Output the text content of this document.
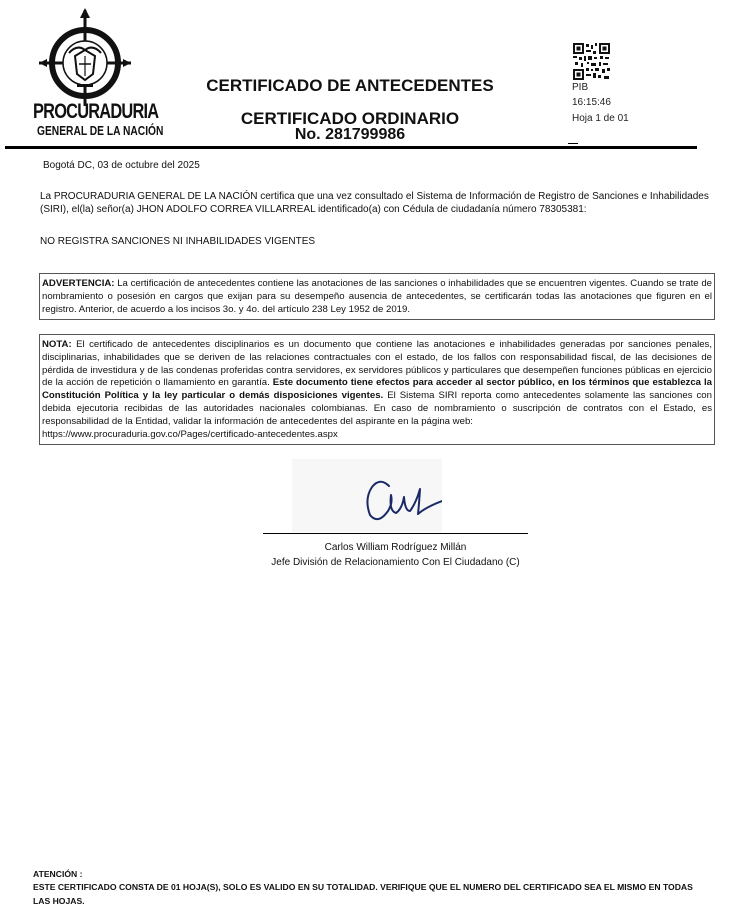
PROCURADURIA
GENERAL DE LA NACIÓN
CERTIFICADO DE ANTECEDENTES
CERTIFICADO ORDINARIO
No. 281799986
PIB
16:15:46
Hoja 1 de 01
Bogotá DC, 03 de octubre del 2025
La PROCURADURIA GENERAL DE LA NACIÓN certifica que una vez consultado el Sistema de Información de Registro de Sanciones e Inhabilidades (SIRI), el(la) señor(a) JHON ADOLFO CORREA VILLARREAL identificado(a) con Cédula de ciudadanía número 78305381:
NO REGISTRA SANCIONES NI INHABILIDADES VIGENTES
ADVERTENCIA: La certificación de antecedentes contiene las anotaciones de las sanciones o inhabilidades que se encuentren vigentes. Cuando se trate de nombramiento o posesión en cargos que exijan para su desempeño ausencia de antecedentes, se certificarán todas las anotaciones que figuren en el registro. Anterior, de acuerdo a los incisos 3o. y 4o. del artículo 238 Ley 1952 de 2019.
NOTA: El certificado de antecedentes disciplinarios es un documento que contiene las anotaciones e inhabilidades generadas por sanciones penales, disciplinarias, inhabilidades que se deriven de las relaciones contractuales con el estado, de los fallos con responsabilidad fiscal, de las decisiones de pérdida de investidura y de las condenas proferidas contra servidores, ex servidores públicos y particulares que desempeñen funciones públicas en ejercicio de la acción de repetición o llamamiento en garantía. Este documento tiene efectos para acceder al sector público, en los términos que establezca la Constitución Política y la ley particular o demás disposiciones vigentes. El Sistema SIRI reporta como antecedentes solamente las sanciones con debida ejecutoria recibidas de las autoridades nacionales colombianas. En caso de nombramiento o suscripción de contratos con el Estado, es responsabilidad de la Entidad, validar la información de antecedentes del aspirante en la página web:
https://www.procuraduria.gov.co/Pages/certificado-antecedentes.aspx
Carlos William Rodríguez Millán
Jefe División de Relacionamiento Con El Ciudadano (C)
ATENCIÓN :
ESTE CERTIFICADO CONSTA DE 01 HOJA(S), SOLO ES VALIDO EN SU TOTALIDAD. VERIFIQUE QUE EL NUMERO DEL CERTIFICADO SEA EL MISMO EN TODAS LAS HOJAS.
